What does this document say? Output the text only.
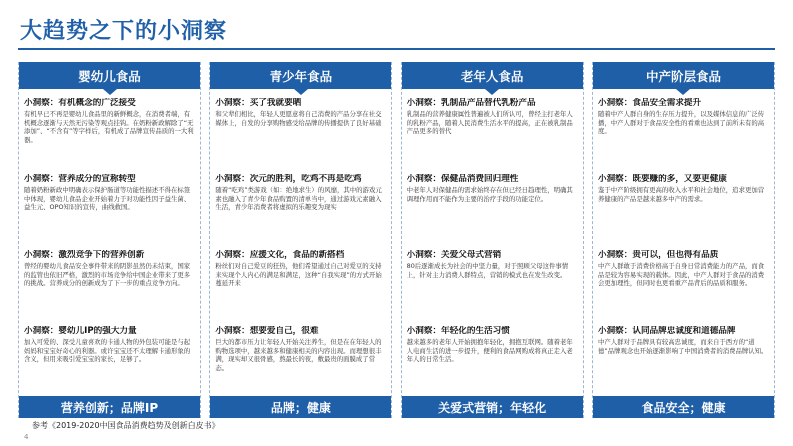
大趋势之下的小洞察
婴幼儿食品
小洞察：有机概念的广泛接受
有机早已不再是婴幼儿食品里的新鲜概念，在消费者端，有机概念逐渐与天然无污染等观点挂钩。在奶粉新政解除了“无添加”、“不含有”等字样后，有机成了品牌宣传品质的一大利器。
小洞察：营养成分的宣称转型
随着奶粉新政中明确表示保护肠道等功能性描述不得在标签中体现，婴幼儿食品企业开始着力于对功能性因子益生菌、益生元、OPO知识的宣传，曲线救国。
小洞察：激烈竞争下的营养创新
曾经的婴幼儿食品安全事件带来的阴影虽然仍未结束，国家的监管也依旧严格，激烈的市场竞争给中国企业带来了更多的挑战。营养成分的创新成为了下一步的重点竞争方向。
小洞察：婴幼儿IP的强大力量
加入可爱的、深受儿童喜欢的卡通人物的外包装可能是与起妈妈和宝宝好奇心的利器。或许宝宝还不太理解卡通形象的含义，但用来吸引爱宝宝的家长，足够了。
营养创新；品牌IP
青少年食品
小洞察：买了我就要晒
和父辈们相比，年轻人更愿意将自己消费的产品分享在社交媒体上，自发的分享购物感受给品牌的传播提供了良好基础
小洞察：次元的胜利，吃鸡不再是吃鸡
随着“吃鸡”类游戏（如：绝地求生）的风靡，其中的游戏元素也融入了青少年食品购置的清单当中，通过游戏元素融入生活，青少年消费者将虚拟的乐趣变为现实
小洞察：应援文化，食品的新搭档
粉丝们对自己爱豆的狂热，他们希望通过自己对爱豆的支持来实现个人内心的满足和满足，这种“自我实现”的方式开始蔓延开来
小洞察：想要爱自己，很难
巨大的都市压力让年轻人开始关注养生，但是在在年轻人的购物选项中，越来越多和健康相关的内容出现。而理想很丰满，现实却又很骨感，熬最长的夜，敷最贵的面膜成了常态。
品牌；健康
老年人食品
小洞察：乳制品产品替代乳粉产品
乳制品的营养健康属性普遍被人们所认可，曾经主打老年人的乳粉产品，随着人民消费生活水平的提高，正在被乳制品产品更多的替代
小洞察：保健品消费回归理性
中老年人对保健品的需求始终存在但已经日趋理性，明确其调理作用而不能作为主要的治疗手段的功能定位。
小洞察：关爱父母式营销
80后逐渐成长为社会的中坚力量，对于照顾父母这件事情上，针对主力消费人群特点，营销的模式也在发生改变。
小洞察：年轻化的生活习惯
越来越多的老年人开始拥抱年轻化，拥抱互联网。随着老年人电商生活的进一步提升，便利的食品网购成将真正走入老年人的日常生活。
关爱式营销；年轻化
中产阶层食品
小洞察：食品安全需求提升
随着中产人群自身的生存压力提升，以及媒体信息的广泛传播，中产人群对于食品安全性的看重也达到了前所未有的高度。
小洞察：既要赚的多，又要更健康
鉴于中产阶级拥有更高的收入水平和社会地位，追求更加营养健康的产品是越来越多中产的需求。
小洞察：贵可以，但也得有品质
中产人群敢于消费价格高于自身日常消费能力的产品，而食品是较为容易实现的载体。因此，中产人群对于食品的消费会更加理性，但同时也更看重产品背后的品质和服务。
小洞察：认同品牌忠诚度和道德品牌
中产人群对于品牌具有较高忠诚度，而来自于西方的“道德”品牌观念也开始逐渐影响了中国消费者的消费品牌认知。
食品安全；健康
参考《2019-2020中国食品消费趋势及创新白皮书》
4
